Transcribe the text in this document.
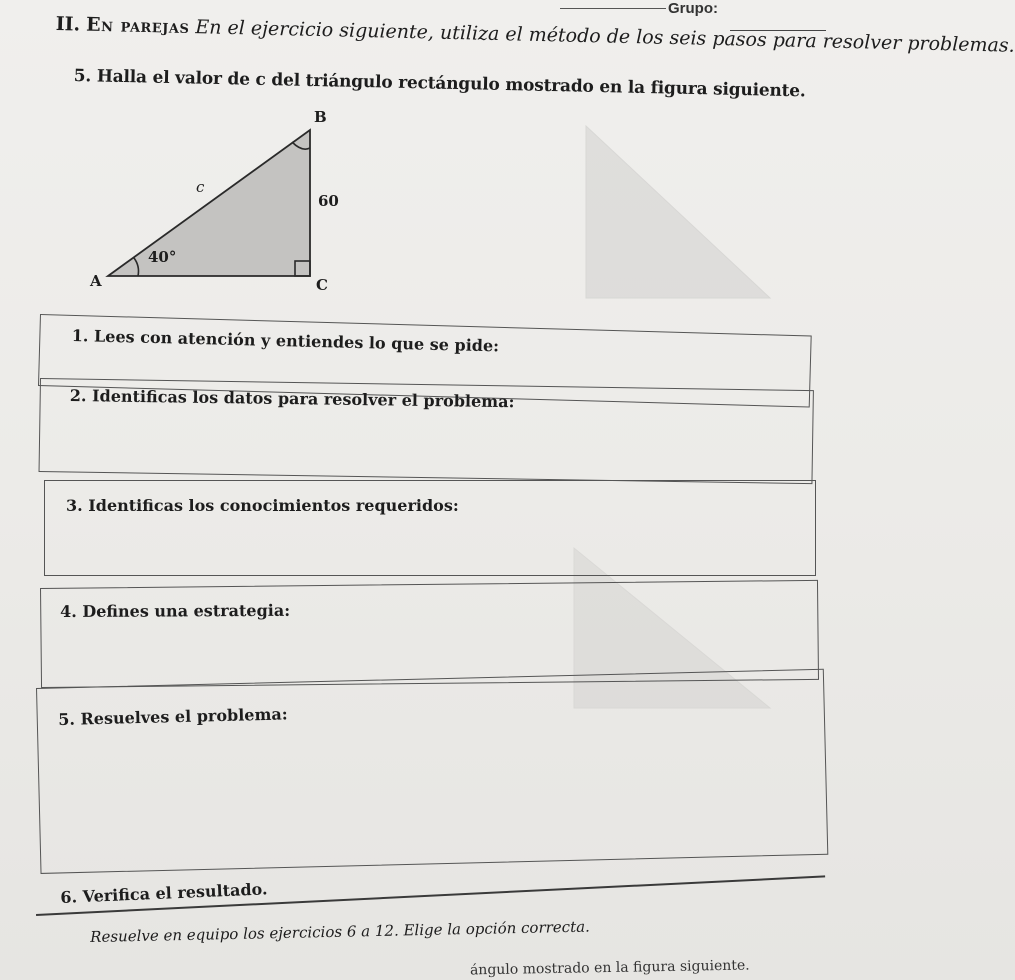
Grupo:
II. En parejas En el ejercicio siguiente, utiliza el método de los seis pasos para resolver problemas.
5. Halla el valor de c del triángulo rectángulo mostrado en la figura siguiente.
B
c
60
40°
A	C
1. Lees con atención y entiendes lo que se pide:
2. Identificas los datos para resolver el problema:
3. Identificas los conocimientos requeridos:
4. Defines una estrategia:
5. Resuelves el problema:
6. Verifica el resultado.
Resuelve en equipo los ejercicios 6 a 12. Elige la opción correcta.
ángulo mostrado en la figura siguiente.
